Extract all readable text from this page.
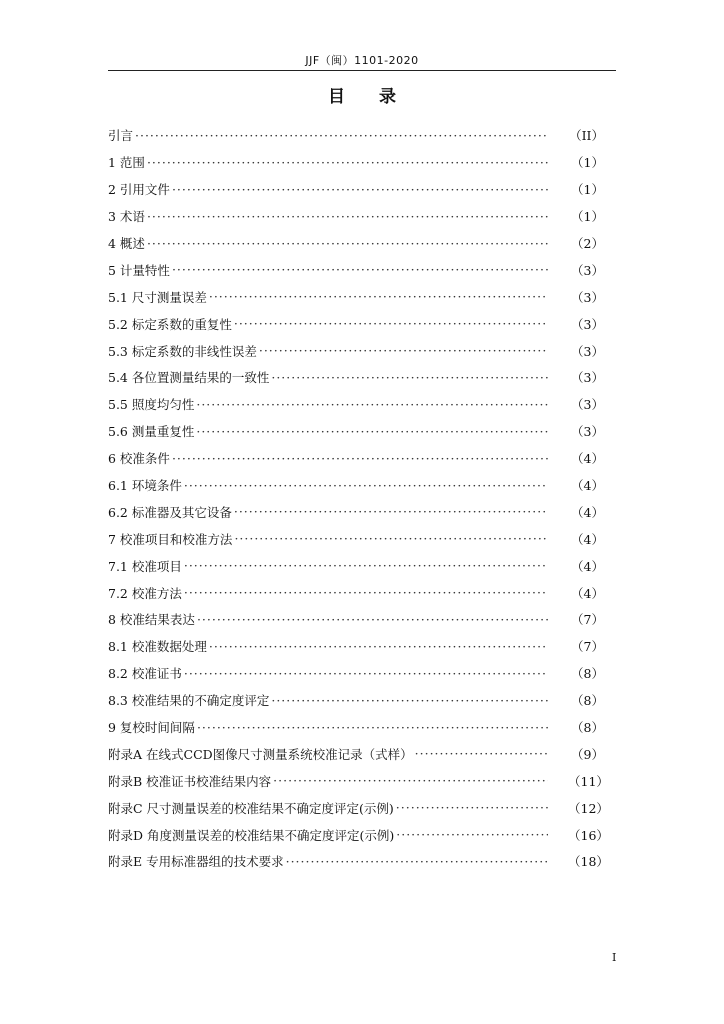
JJF（闽）1101-2020
目 录
引言 ·····	（II）
1 范围 ·····	（1）
2 引用文件 ·····	（1）
3 术语 ·····	（1）
4 概述 ·····	（2）
5 计量特性 ·····	（3）
5.1 尺寸测量误差 ·····	（3）
5.2 标定系数的重复性 ·····	（3）
5.3 标定系数的非线性误差 ·····	（3）
5.4 各位置测量结果的一致性 ·····	（3）
5.5 照度均匀性 ·····	（3）
5.6 测量重复性 ·····	（3）
6 校准条件 ·····	（4）
6.1 环境条件 ·····	（4）
6.2 标准器及其它设备 ·····	（4）
7 校准项目和校准方法 ·····	（4）
7.1 校准项目 ·····	（4）
7.2 校准方法 ·····	（4）
8 校准结果表达 ·····	（7）
8.1 校准数据处理 ·····	（7）
8.2 校准证书 ·····	（8）
8.3 校准结果的不确定度评定 ·····	（8）
9 复校时间间隔 ·····	（8）
附录A 在线式CCD图像尺寸测量系统校准记录（式样） ·····	（9）
附录B 校准证书校准结果内容 ·····	（11）
附录C 尺寸测量误差的校准结果不确定度评定(示例) ·····	（12）
附录D 角度测量误差的校准结果不确定度评定(示例) ·····	（16）
附录E 专用标准器组的技术要求 ·····	（18）
I
